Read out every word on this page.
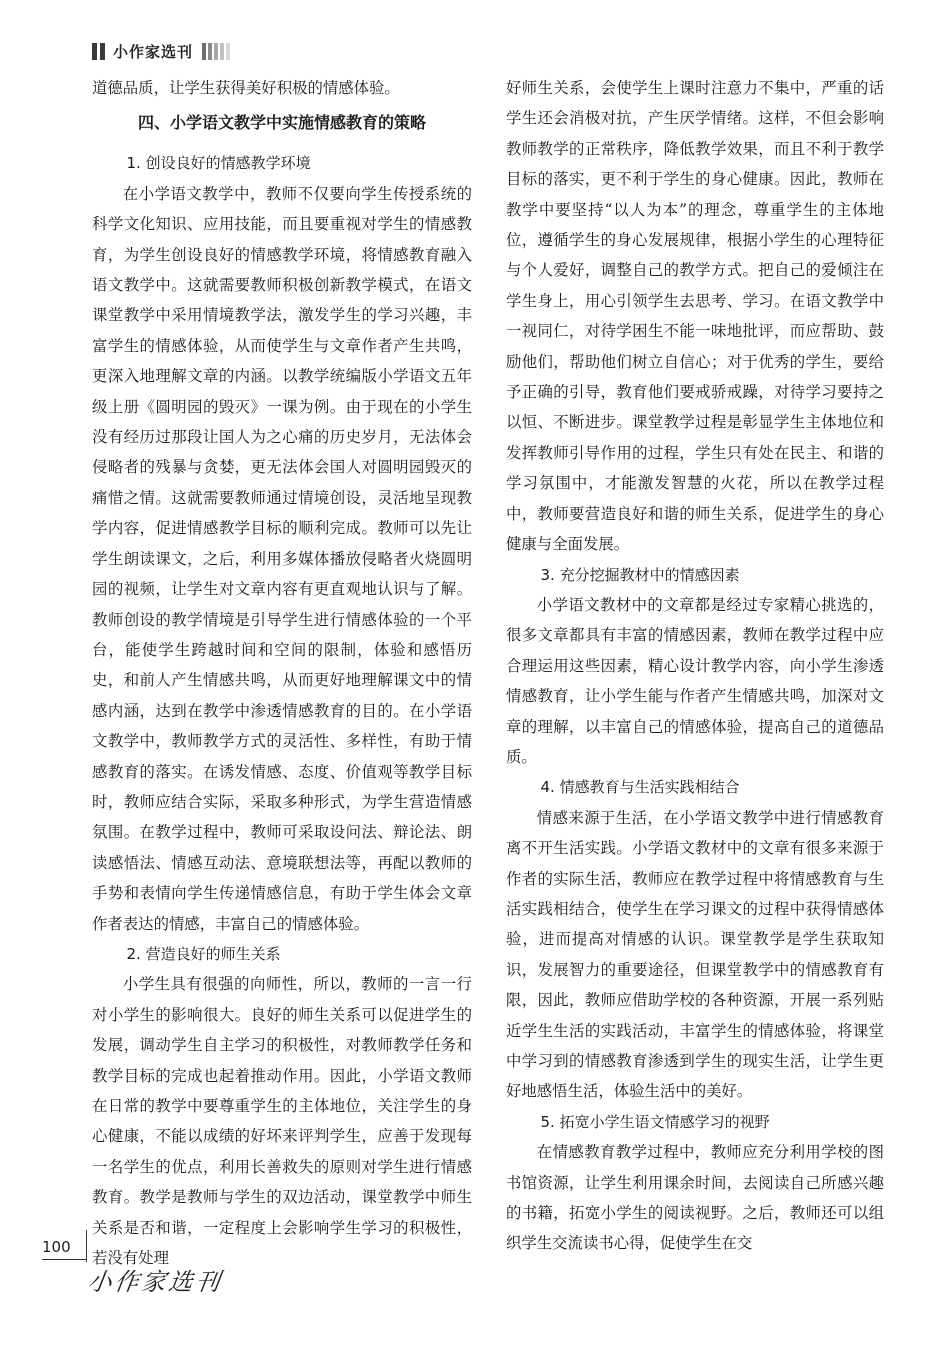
小作家选刊

道德品质，让学生获得美好积极的情感体验。

四、小学语文教学中实施情感教育的策略
1. 创设良好的情感教学环境

在小学语文教学中，教师不仅要向学生传授系统的科学文化知识、应用技能，而且要重视对学生的情感教育，为学生创设良好的情感教学环境，将情感教育融入语文教学中。这就需要教师积极创新教学模式，在语文课堂教学中采用情境教学法，激发学生的学习兴趣，丰富学生的情感体验，从而使学生与文章作者产生共鸣，更深入地理解文章的内涵。以教学统编版小学语文五年级上册《圆明园的毁灭》一课为例。由于现在的小学生没有经历过那段让国人为之心痛的历史岁月，无法体会侵略者的残暴与贪婪，更无法体会国人对圆明园毁灭的痛惜之情。这就需要教师通过情境创设，灵活地呈现教学内容，促进情感教学目标的顺利完成。教师可以先让学生朗读课文，之后，利用多媒体播放侵略者火烧圆明园的视频，让学生对文章内容有更直观地认识与了解。教师创设的教学情境是引导学生进行情感体验的一个平台，能使学生跨越时间和空间的限制，体验和感悟历史，和前人产生情感共鸣，从而更好地理解课文中的情感内涵，达到在教学中渗透情感教育的目的。在小学语文教学中，教师教学方式的灵活性、多样性，有助于情感教育的落实。在诱发情感、态度、价值观等教学目标时，教师应结合实际，采取多种形式，为学生营造情感氛围。在教学过程中，教师可采取设问法、辩论法、朗读感悟法、情感互动法、意境联想法等，再配以教师的手势和表情向学生传递情感信息，有助于学生体会文章作者表达的情感，丰富自己的情感体验。

2. 营造良好的师生关系

小学生具有很强的向师性，所以，教师的一言一行对小学生的影响很大。良好的师生关系可以促进学生的发展，调动学生自主学习的积极性，对教师教学任务和教学目标的完成也起着推动作用。因此，小学语文教师在日常的教学中要尊重学生的主体地位，关注学生的身心健康，不能以成绩的好坏来评判学生，应善于发现每一名学生的优点，利用长善救失的原则对学生进行情感教育。教学是教师与学生的双边活动，课堂教学中师生关系是否和谐，一定程度上会影响学生学习的积极性，若没有处理

好师生关系，会使学生上课时注意力不集中，严重的话学生还会消极对抗，产生厌学情绪。这样，不但会影响教师教学的正常秩序，降低教学效果，而且不利于教学目标的落实，更不利于学生的身心健康。因此，教师在教学中要坚持“以人为本”的理念，尊重学生的主体地位，遵循学生的身心发展规律，根据小学生的心理特征与个人爱好，调整自己的教学方式。把自己的爱倾注在学生身上，用心引领学生去思考、学习。在语文教学中一视同仁，对待学困生不能一味地批评，而应帮助、鼓励他们，帮助他们树立自信心；对于优秀的学生，要给予正确的引导，教育他们要戒骄戒躁，对待学习要持之以恒、不断进步。课堂教学过程是彰显学生主体地位和发挥教师引导作用的过程，学生只有处在民主、和谐的学习氛围中，才能激发智慧的火花，所以在教学过程中，教师要营造良好和谐的师生关系，促进学生的身心健康与全面发展。

3. 充分挖掘教材中的情感因素

小学语文教材中的文章都是经过专家精心挑选的，很多文章都具有丰富的情感因素，教师在教学过程中应合理运用这些因素，精心设计教学内容，向小学生渗透情感教育，让小学生能与作者产生情感共鸣，加深对文章的理解，以丰富自己的情感体验，提高自己的道德品质。

4. 情感教育与生活实践相结合

情感来源于生活，在小学语文教学中进行情感教育离不开生活实践。小学语文教材中的文章有很多来源于作者的实际生活，教师应在教学过程中将情感教育与生活实践相结合，使学生在学习课文的过程中获得情感体验，进而提高对情感的认识。课堂教学是学生获取知识，发展智力的重要途径，但课堂教学中的情感教育有限，因此，教师应借助学校的各种资源，开展一系列贴近学生生活的实践活动，丰富学生的情感体验，将课堂中学习到的情感教育渗透到学生的现实生活，让学生更好地感悟生活，体验生活中的美好。

5. 拓宽小学生语文情感学习的视野

在情感教育教学过程中，教师应充分利用学校的图书馆资源，让学生利用课余时间，去阅读自己所感兴趣的书籍，拓宽小学生的阅读视野。之后，教师还可以组织学生交流读书心得，促使学生在交

100
小作家选刊
